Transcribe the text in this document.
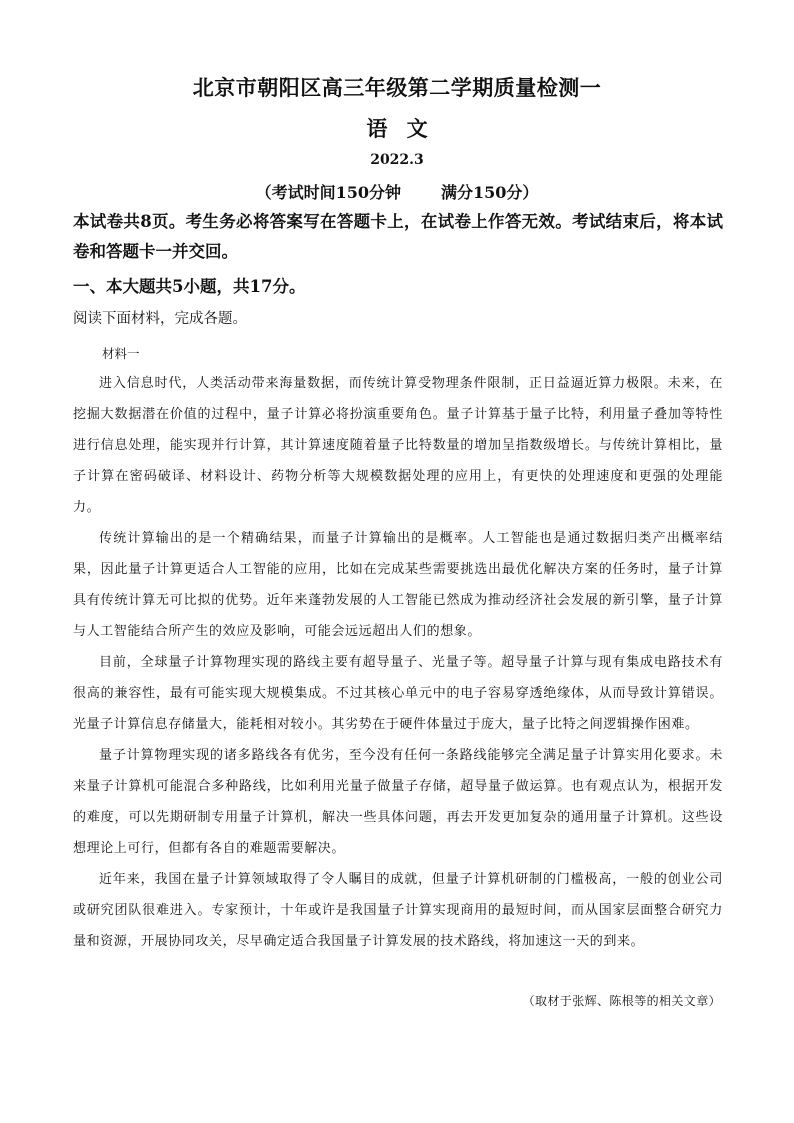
北京市朝阳区高三年级第二学期质量检测一
语 文
2022.3
（考试时间150分钟	满分150分）

本试卷共8页。考生务必将答案写在答题卡上，在试卷上作答无效。考试结束后，将本试卷和答题卡一并交回。

一、本大题共5小题，共17分。
阅读下面材料，完成各题。
材料一

进入信息时代，人类活动带来海量数据，而传统计算受物理条件限制，正日益逼近算力极限。未来，在挖掘大数据潜在价值的过程中，量子计算必将扮演重要角色。量子计算基于量子比特，利用量子叠加等特性进行信息处理，能实现并行计算，其计算速度随着量子比特数量的增加呈指数级增长。与传统计算相比，量子计算在密码破译、材料设计、药物分析等大规模数据处理的应用上，有更快的处理速度和更强的处理能力。

传统计算输出的是一个精确结果，而量子计算输出的是概率。人工智能也是通过数据归类产出概率结果，因此量子计算更适合人工智能的应用，比如在完成某些需要挑选出最优化解决方案的任务时，量子计算具有传统计算无可比拟的优势。近年来蓬勃发展的人工智能已然成为推动经济社会发展的新引擎，量子计算与人工智能结合所产生的效应及影响，可能会远远超出人们的想象。

目前，全球量子计算物理实现的路线主要有超导量子、光量子等。超导量子计算与现有集成电路技术有很高的兼容性，最有可能实现大规模集成。不过其核心单元中的电子容易穿透绝缘体，从而导致计算错误。光量子计算信息存储量大，能耗相对较小。其劣势在于硬件体量过于庞大，量子比特之间逻辑操作困难。

量子计算物理实现的诸多路线各有优劣，至今没有任何一条路线能够完全满足量子计算实用化要求。未来量子计算机可能混合多种路线，比如利用光量子做量子存储，超导量子做运算。也有观点认为，根据开发的难度，可以先期研制专用量子计算机，解决一些具体问题，再去开发更加复杂的通用量子计算机。这些设想理论上可行，但都有各自的难题需要解决。

近年来，我国在量子计算领域取得了令人瞩目的成就，但量子计算机研制的门槛极高，一般的创业公司或研究团队很难进入。专家预计，十年或许是我国量子计算实现商用的最短时间，而从国家层面整合研究力量和资源，开展协同攻关，尽早确定适合我国量子计算发展的技术路线，将加速这一天的到来。

（取材于张辉、陈根等的相关文章）
